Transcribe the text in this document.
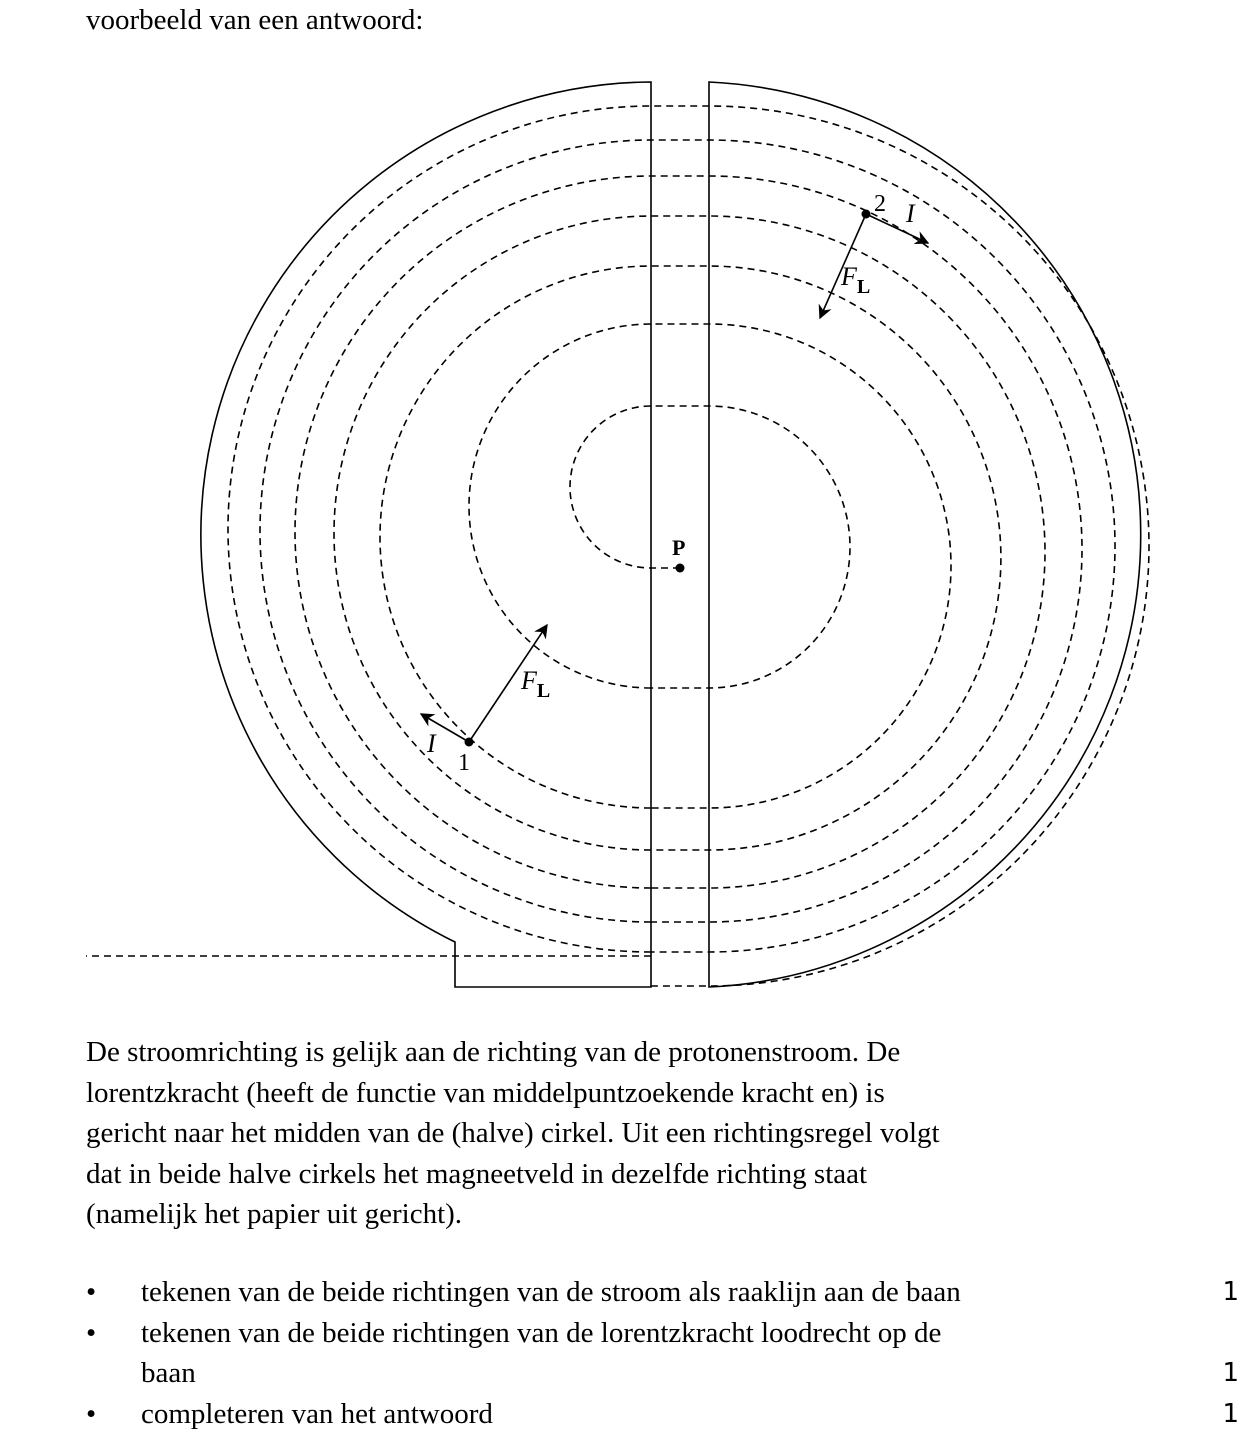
voorbeeld van een antwoord:
P
1
I
$F_L$
2 I
$F_L$

De stroomrichting is gelijk aan de richting van de protonenstroom. De
lorentzkracht (heeft de functie van middelpuntzoekende kracht en) is
gericht naar het midden van de (halve) cirkel. Uit een richtingsregel volgt
dat in beide halve cirkels het magneetveld in dezelfde richting staat
(namelijk het papier uit gericht).

• tekenen van de beide richtingen van de stroom als raaklijn aan de baan	1
• tekenen van de beide richtingen van de lorentzkracht loodrecht op de
baan	1
• completeren van het antwoord	1
